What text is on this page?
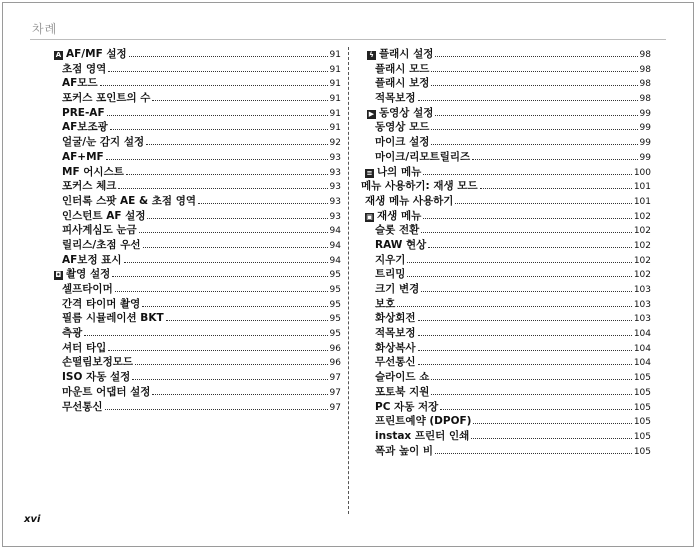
차례
A AF/MF 설정	91
초점 영역	91
AF모드	91
포커스 포인트의 수	91
PRE-AF	91
AF보조광	91
얼굴/눈 감지 설정	92
AF+MF	93
MF 어시스트	93
포커스 체크	93
인터록 스팟 AE & 초점 영역	93
인스턴트 AF 설정	93
피사계심도 눈금	94
릴리스/초점 우선	94
AF보정 표시	94
◘ 촬영 설정	95
셀프타이머	95
간격 타이머 촬영	95
필름 시뮬레이션 BKT	95
측광	95
셔터 타입	96
손떨림보정모드	96
ISO 자동 설정	97
마운트 어댑터 설정	97
무선통신	97
ϟ 플래시 설정	98
플래시 모드	98
플래시 보정	98
적목보정	98
▶ 동영상 설정	99
동영상 모드	99
마이크 설정	99
마이크/리모트릴리즈	99
≡ 나의 메뉴	100
메뉴 사용하기: 재생 모드	101
재생 메뉴 사용하기	101
▣ 재생 메뉴	102
슬롯 전환	102
RAW 현상	102
지우기	102
트리밍	102
크기 변경	103
보호	103
화상회전	103
적목보정	104
화상복사	104
무선통신	104
슬라이드 쇼	105
포토북 지원	105
PC 자동 저장	105
프린트예약 (DPOF)	105
instax 프린터 인쇄	105
폭과 높이 비	105
xvi
